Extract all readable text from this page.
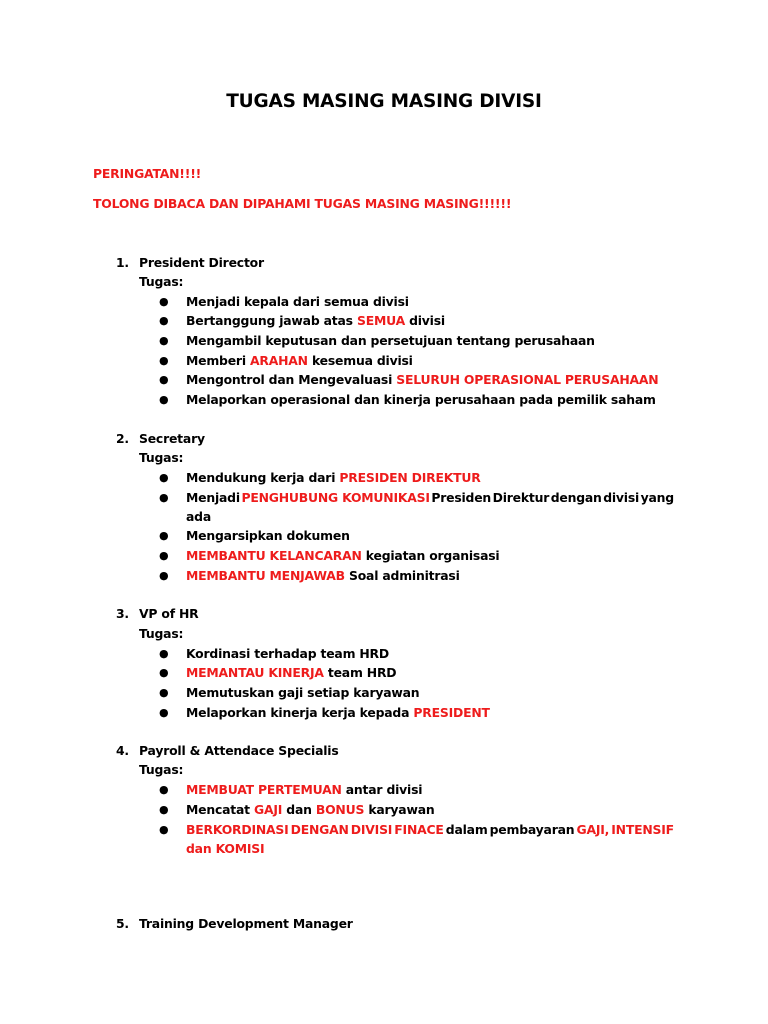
TUGAS MASING MASING DIVISI
PERINGATAN!!!!
TOLONG DIBACA DAN DIPAHAMI TUGAS MASING MASING!!!!!!
1. President Director
Tugas:
● Menjadi kepala dari semua divisi
● Bertanggung jawab atas SEMUA divisi
● Mengambil keputusan dan persetujuan tentang perusahaan
● Memberi ARAHAN kesemua divisi
● Mengontrol dan Mengevaluasi SELURUH OPERASIONAL PERUSAHAAN
● Melaporkan operasional dan kinerja perusahaan pada pemilik saham
2. Secretary
Tugas:
● Mendukung kerja dari PRESIDEN DIREKTUR
● Menjadi PENGHUBUNG KOMUNIKASI Presiden Direktur dengan divisi yang
ada
● Mengarsipkan dokumen
● MEMBANTU KELANCARAN kegiatan organisasi
● MEMBANTU MENJAWAB Soal adminitrasi
3. VP of HR
Tugas:
● Kordinasi terhadap team HRD
● MEMANTAU KINERJA team HRD
● Memutuskan gaji setiap karyawan
● Melaporkan kinerja kerja kepada PRESIDENT
4. Payroll & Attendace Specialis
Tugas:
● MEMBUAT PERTEMUAN antar divisi
● Mencatat GAJI dan BONUS karyawan
● BERKORDINASI DENGAN DIVISI FINACE dalam pembayaran GAJI, INTENSIF
dan KOMISI
5. Training Development Manager
